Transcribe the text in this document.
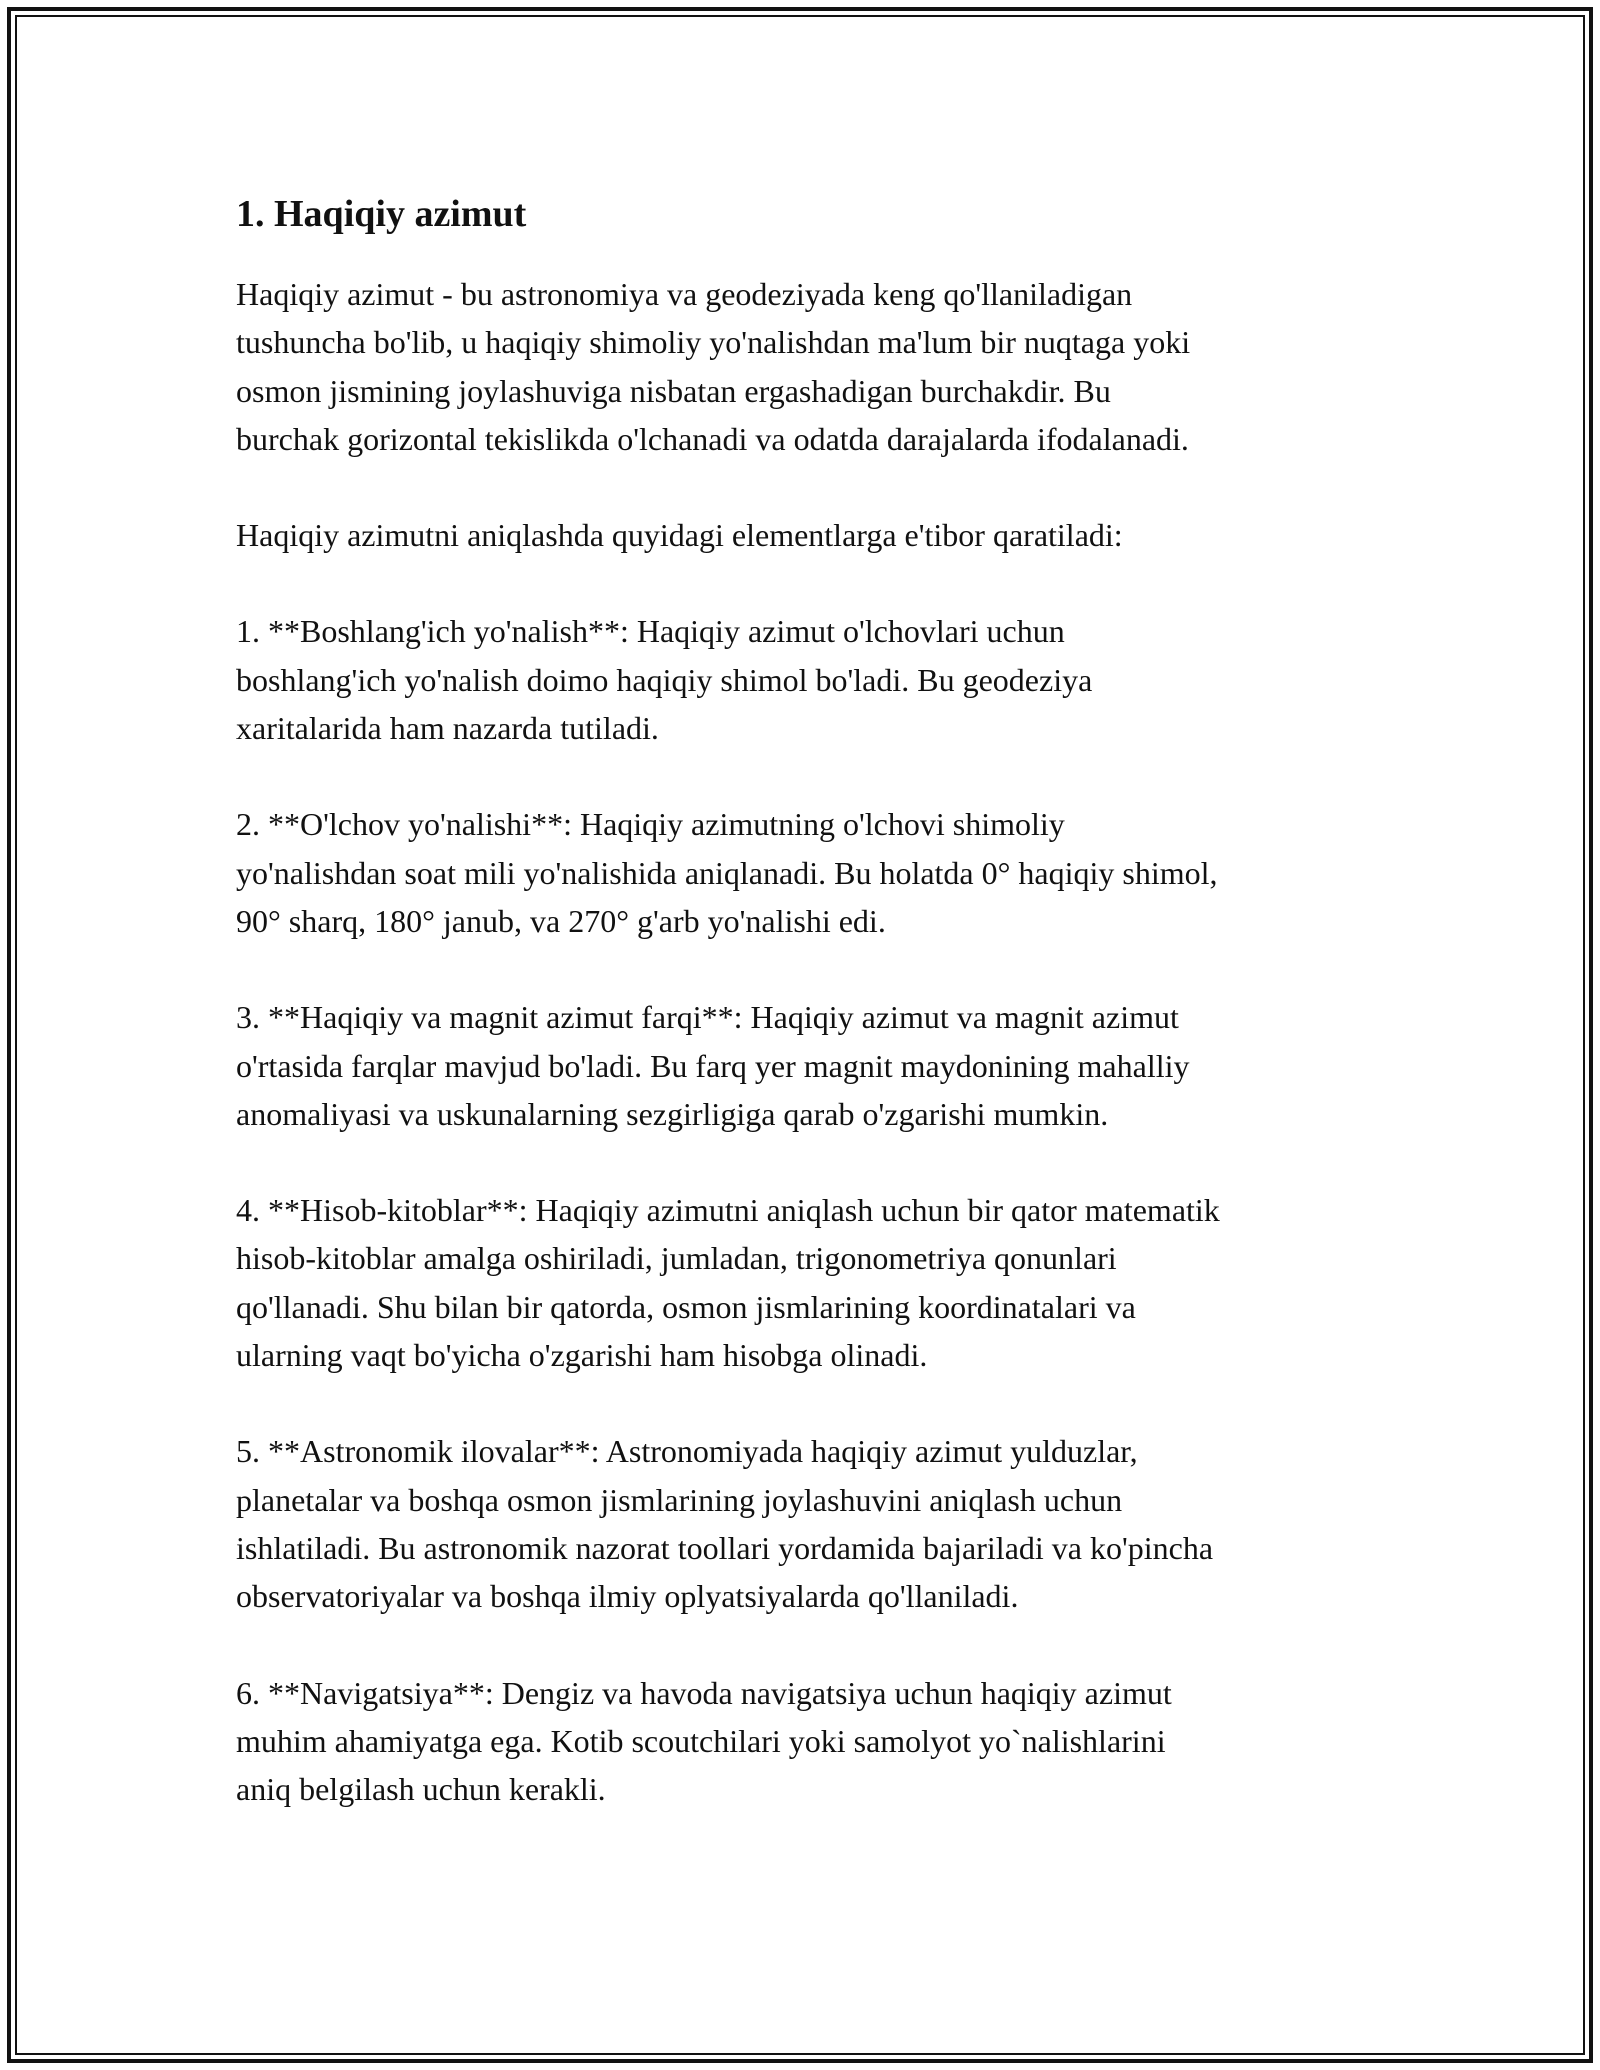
1. Haqiqiy azimut

Haqiqiy azimut - bu astronomiya va geodeziyada keng qo'llaniladigan
tushuncha bo'lib, u haqiqiy shimoliy yo'nalishdan ma'lum bir nuqtaga yoki
osmon jismining joylashuviga nisbatan ergashadigan burchakdir. Bu
burchak gorizontal tekislikda o'lchanadi va odatda darajalarda ifodalanadi.

Haqiqiy azimutni aniqlashda quyidagi elementlarga e'tibor qaratiladi:

1. **Boshlang'ich yo'nalish**: Haqiqiy azimut o'lchovlari uchun
boshlang'ich yo'nalish doimo haqiqiy shimol bo'ladi. Bu geodeziya
xaritalarida ham nazarda tutiladi.

2. **O'lchov yo'nalishi**: Haqiqiy azimutning o'lchovi shimoliy
yo'nalishdan soat mili yo'nalishida aniqlanadi. Bu holatda 0° haqiqiy shimol,
90° sharq, 180° janub, va 270° g'arb yo'nalishi edi.

3. **Haqiqiy va magnit azimut farqi**: Haqiqiy azimut va magnit azimut
o'rtasida farqlar mavjud bo'ladi. Bu farq yer magnit maydonining mahalliy
anomaliyasi va uskunalarning sezgirligiga qarab o'zgarishi mumkin.

4. **Hisob-kitoblar**: Haqiqiy azimutni aniqlash uchun bir qator matematik
hisob-kitoblar amalga oshiriladi, jumladan, trigonometriya qonunlari
qo'llanadi. Shu bilan bir qatorda, osmon jismlarining koordinatalari va
ularning vaqt bo'yicha o'zgarishi ham hisobga olinadi.

5. **Astronomik ilovalar**: Astronomiyada haqiqiy azimut yulduzlar,
planetalar va boshqa osmon jismlarining joylashuvini aniqlash uchun
ishlatiladi. Bu astronomik nazorat toollari yordamida bajariladi va ko'pincha
observatoriyalar va boshqa ilmiy oplyatsiyalarda qo'llaniladi.

6. **Navigatsiya**: Dengiz va havoda navigatsiya uchun haqiqiy azimut
muhim ahamiyatga ega. Kotib scoutchilari yoki samolyot yo`nalishlarini
aniq belgilash uchun kerakli.
